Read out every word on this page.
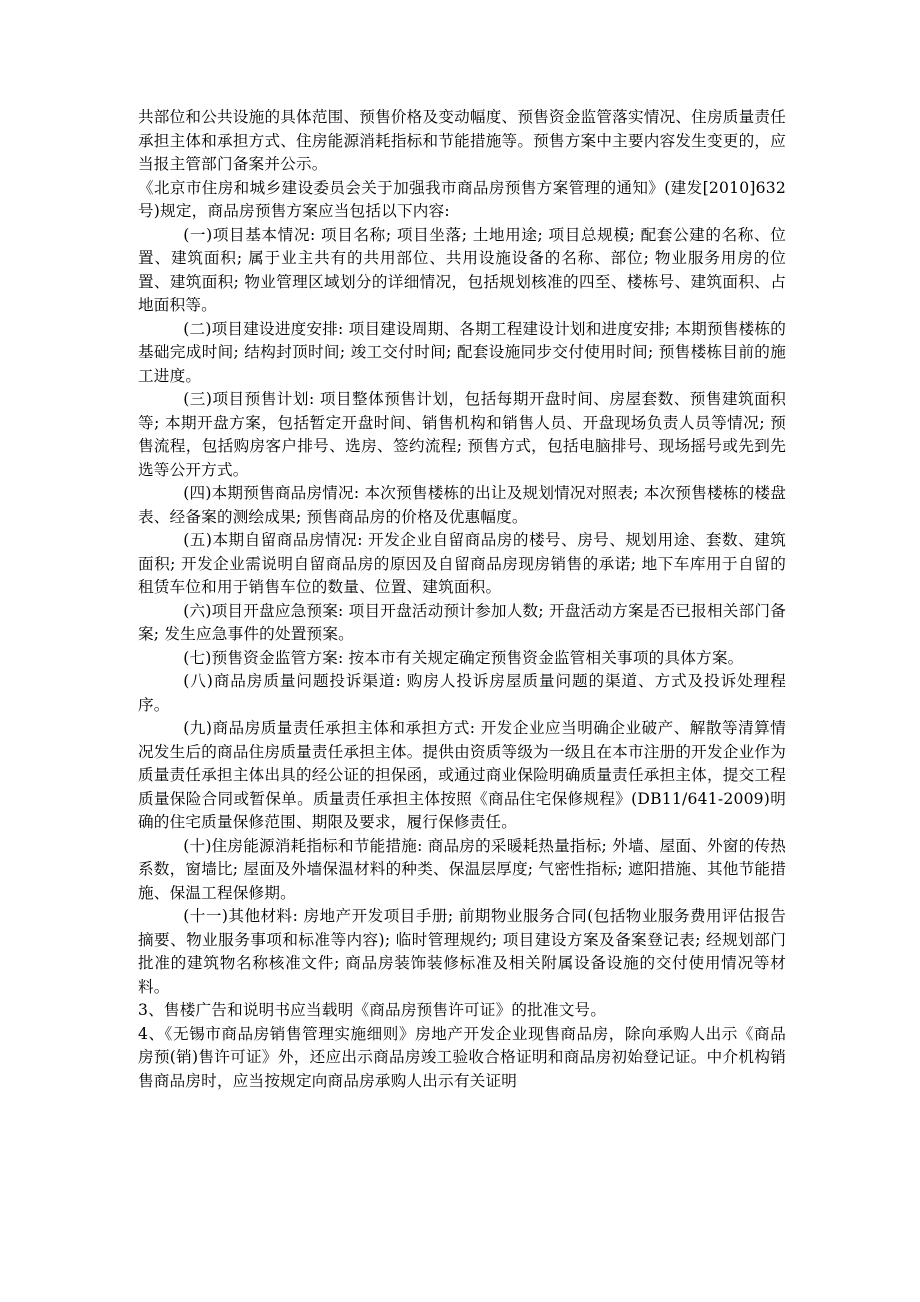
共部位和公共设施的具体范围、预售价格及变动幅度、预售资金监管落实情况、住房质量责任承担主体和承担方式、住房能源消耗指标和节能措施等。预售方案中主要内容发生变更的，应当报主管部门备案并公示。

《北京市住房和城乡建设委员会关于加强我市商品房预售方案管理的通知》(建发[2010]632号)规定，商品房预售方案应当包括以下内容:

(一)项目基本情况: 项目名称; 项目坐落; 土地用途; 项目总规模; 配套公建的名称、位置、建筑面积; 属于业主共有的共用部位、共用设施设备的名称、部位; 物业服务用房的位置、建筑面积; 物业管理区域划分的详细情况，包括规划核准的四至、楼栋号、建筑面积、占地面积等。

(二)项目建设进度安排: 项目建设周期、各期工程建设计划和进度安排; 本期预售楼栋的基础完成时间; 结构封顶时间; 竣工交付时间; 配套设施同步交付使用时间; 预售楼栋目前的施工进度。

(三)项目预售计划: 项目整体预售计划，包括每期开盘时间、房屋套数、预售建筑面积等; 本期开盘方案，包括暂定开盘时间、销售机构和销售人员、开盘现场负责人员等情况; 预售流程，包括购房客户排号、选房、签约流程; 预售方式，包括电脑排号、现场摇号或先到先选等公开方式。

(四)本期预售商品房情况: 本次预售楼栋的出让及规划情况对照表; 本次预售楼栋的楼盘表、经备案的测绘成果; 预售商品房的价格及优惠幅度。

(五)本期自留商品房情况: 开发企业自留商品房的楼号、房号、规划用途、套数、建筑面积; 开发企业需说明自留商品房的原因及自留商品房现房销售的承诺; 地下车库用于自留的租赁车位和用于销售车位的数量、位置、建筑面积。

(六)项目开盘应急预案: 项目开盘活动预计参加人数; 开盘活动方案是否已报相关部门备案; 发生应急事件的处置预案。

(七)预售资金监管方案: 按本市有关规定确定预售资金监管相关事项的具体方案。

(八)商品房质量问题投诉渠道: 购房人投诉房屋质量问题的渠道、方式及投诉处理程序。

(九)商品房质量责任承担主体和承担方式: 开发企业应当明确企业破产、解散等清算情况发生后的商品住房质量责任承担主体。提供由资质等级为一级且在本市注册的开发企业作为质量责任承担主体出具的经公证的担保函，或通过商业保险明确质量责任承担主体，提交工程质量保险合同或暂保单。质量责任承担主体按照《商品住宅保修规程》(DB11/641-2009)明确的住宅质量保修范围、期限及要求，履行保修责任。

(十)住房能源消耗指标和节能措施: 商品房的采暖耗热量指标; 外墙、屋面、外窗的传热系数，窗墙比; 屋面及外墙保温材料的种类、保温层厚度; 气密性指标; 遮阳措施、其他节能措施、保温工程保修期。

(十一)其他材料: 房地产开发项目手册; 前期物业服务合同(包括物业服务费用评估报告摘要、物业服务事项和标准等内容); 临时管理规约; 项目建设方案及备案登记表; 经规划部门批准的建筑物名称核准文件; 商品房装饰装修标准及相关附属设备设施的交付使用情况等材料。

3、售楼广告和说明书应当载明《商品房预售许可证》的批准文号。

4、《无锡市商品房销售管理实施细则》房地产开发企业现售商品房，除向承购人出示《商品房预(销)售许可证》外，还应出示商品房竣工验收合格证明和商品房初始登记证。中介机构销售商品房时，应当按规定向商品房承购人出示有关证明
